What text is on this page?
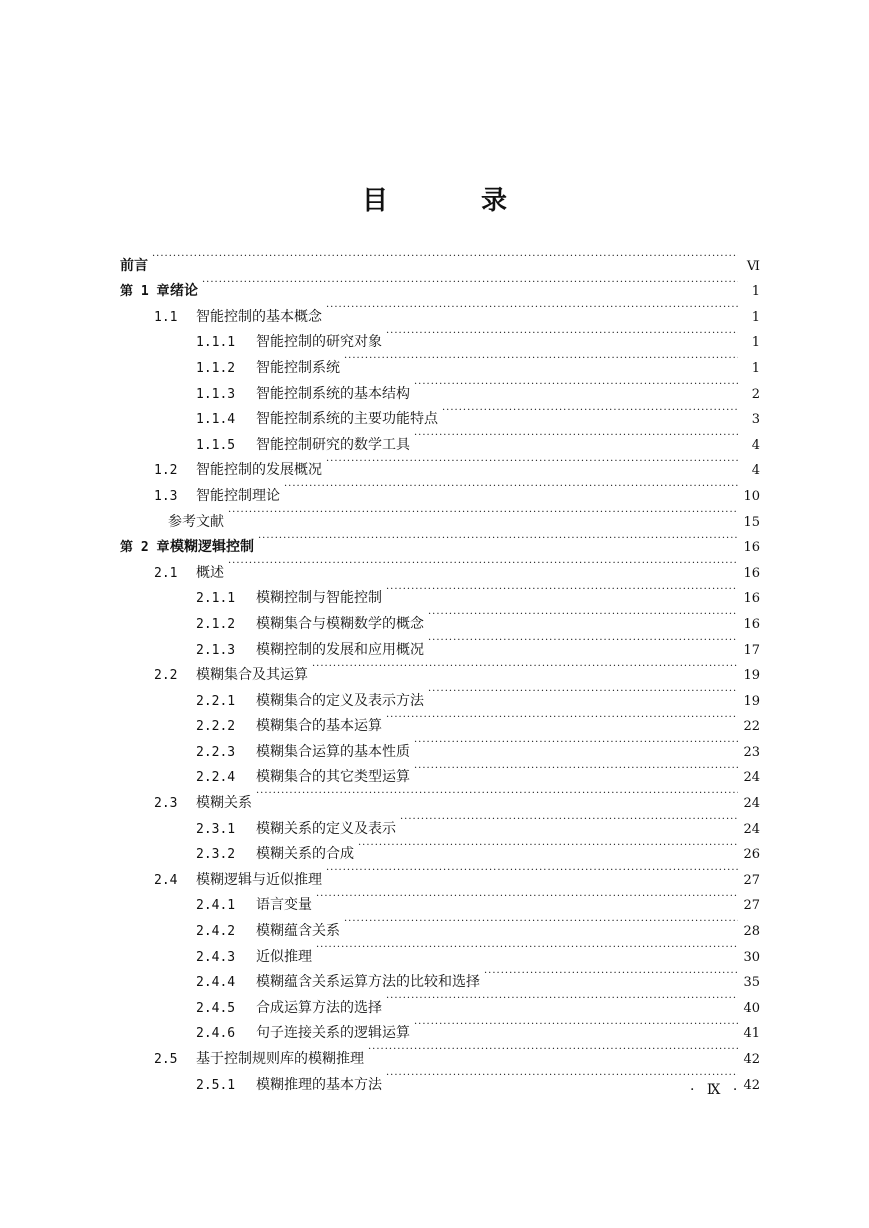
目 录
前言 ·····	Ⅵ
第 1 章 绪论 ·····	1
1.1	智能控制的基本概念 ·····	1
1.1.1	智能控制的研究对象 ·····	1
1.1.2	智能控制系统 ·····	1
1.1.3	智能控制系统的基本结构 ·····	2
1.1.4	智能控制系统的主要功能特点 ·····	3
1.1.5	智能控制研究的数学工具 ·····	4
1.2	智能控制的发展概况 ·····	4
1.3	智能控制理论 ·····	10
参考文献 ·····	15
第 2 章 模糊逻辑控制 ·····	16
2.1	概述 ·····	16
2.1.1	模糊控制与智能控制 ·····	16
2.1.2	模糊集合与模糊数学的概念 ·····	16
2.1.3	模糊控制的发展和应用概况 ·····	17
2.2	模糊集合及其运算 ·····	19
2.2.1	模糊集合的定义及表示方法 ·····	19
2.2.2	模糊集合的基本运算 ·····	22
2.2.3	模糊集合运算的基本性质 ·····	23
2.2.4	模糊集合的其它类型运算 ·····	24
2.3	模糊关系 ·····	24
2.3.1	模糊关系的定义及表示 ·····	24
2.3.2	模糊关系的合成 ·····	26
2.4	模糊逻辑与近似推理 ·····	27
2.4.1	语言变量 ·····	27
2.4.2	模糊蕴含关系 ·····	28
2.4.3	近似推理 ·····	30
2.4.4	模糊蕴含关系运算方法的比较和选择 ·····	35
2.4.5	合成运算方法的选择 ·····	40
2.4.6	句子连接关系的逻辑运算 ·····	41
2.5	基于控制规则库的模糊推理 ·····	42
2.5.1	模糊推理的基本方法 ·····	42
· Ⅸ ·
